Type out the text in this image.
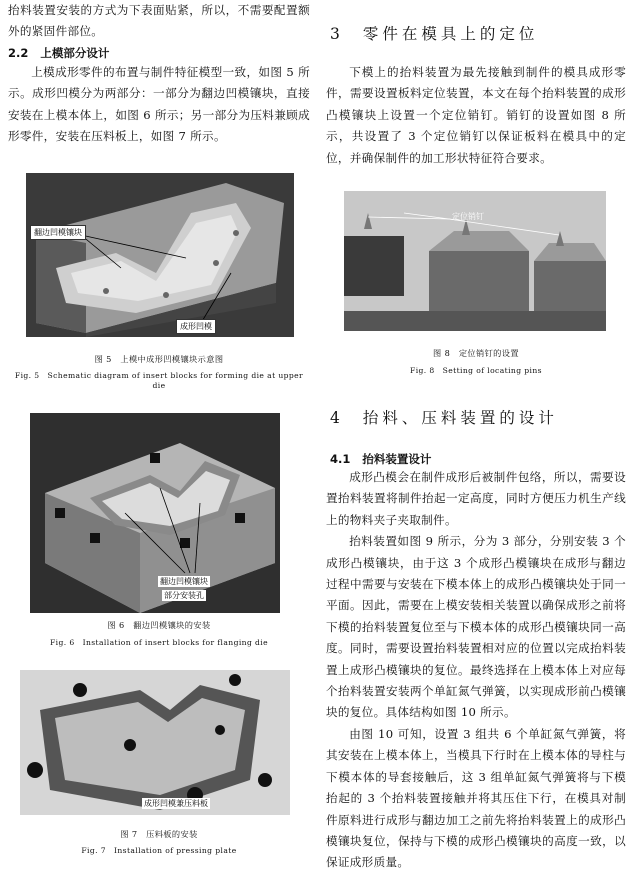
抬料装置安装的方式为下表面贴紧，所以，不需要配置额外的紧固件部位。

2.2 上模部分设计

上模成形零件的布置与制件特征模型一致，如图 5 所示。成形凹模分为两部分：一部分为翻边凹模镶块，直接安装在上模本体上，如图 6 所示；另一部分为压料兼顾成形零件，安装在压料板上，如图 7 所示。

翻边凹模镶块
成形凹模
图 5　上模中成形凹模镶块示意图
Fig. 5　Schematic diagram of insert blocks for forming die at upper die
翻边凹模镶块
部分安装孔
图 6　翻边凹模镶块的安装
Fig. 6　Installation of insert blocks for flanging die
成形凹模兼压料板
图 7　压料板的安装
Fig. 7　Installation of pressing plate
3 零件在模具上的定位

下模上的抬料装置为最先接触到制件的模具成形零件，需要设置板料定位装置，本文在每个抬料装置的成形凸模镶块上设置一个定位销钉。销钉的设置如图 8 所示，共设置了 3 个定位销钉以保证板料在模具中的定位，并确保制件的加工形状特征符合要求。

定位销钉
图 8　定位销钉的设置
Fig. 8　Setting of locating pins
4 抬料、压料装置的设计
4.1 抬料装置设计

成形凸模会在制件成形后被制件包络，所以，需要设置抬料装置将制件抬起一定高度，同时方便压力机生产线上的物料夹子夹取制件。

抬料装置如图 9 所示，分为 3 部分，分别安装 3 个成形凸模镶块，由于这 3 个成形凸模镶块在成形与翻边过程中需要与安装在下模本体上的成形凸模镶块处于同一平面。因此，需要在上模安装相关装置以确保成形之前将下模的抬料装置复位至与下模本体的成形凸模镶块同一高度。同时，需要设置抬料装置相对应的位置以完成抬料装置上成形凸模镶块的复位。最终选择在上模本体上对应每个抬料装置安装两个单缸氮气弹簧，以实现成形前凸模镶块的复位。具体结构如图 10 所示。

由图 10 可知，设置 3 组共 6 个单缸氮气弹簧，将其安装在上模本体上，当模具下行时在上模本体的导柱与下模本体的导套接触后，这 3 组单缸氮气弹簧将与下模抬起的 3 个抬料装置接触并将其压住下行，在模具对制件原料进行成形与翻边加工之前先将抬料装置上的成形凸模镶块复位，保持与下模的成形凸模镶块的高度一致，以保证成形质量。
